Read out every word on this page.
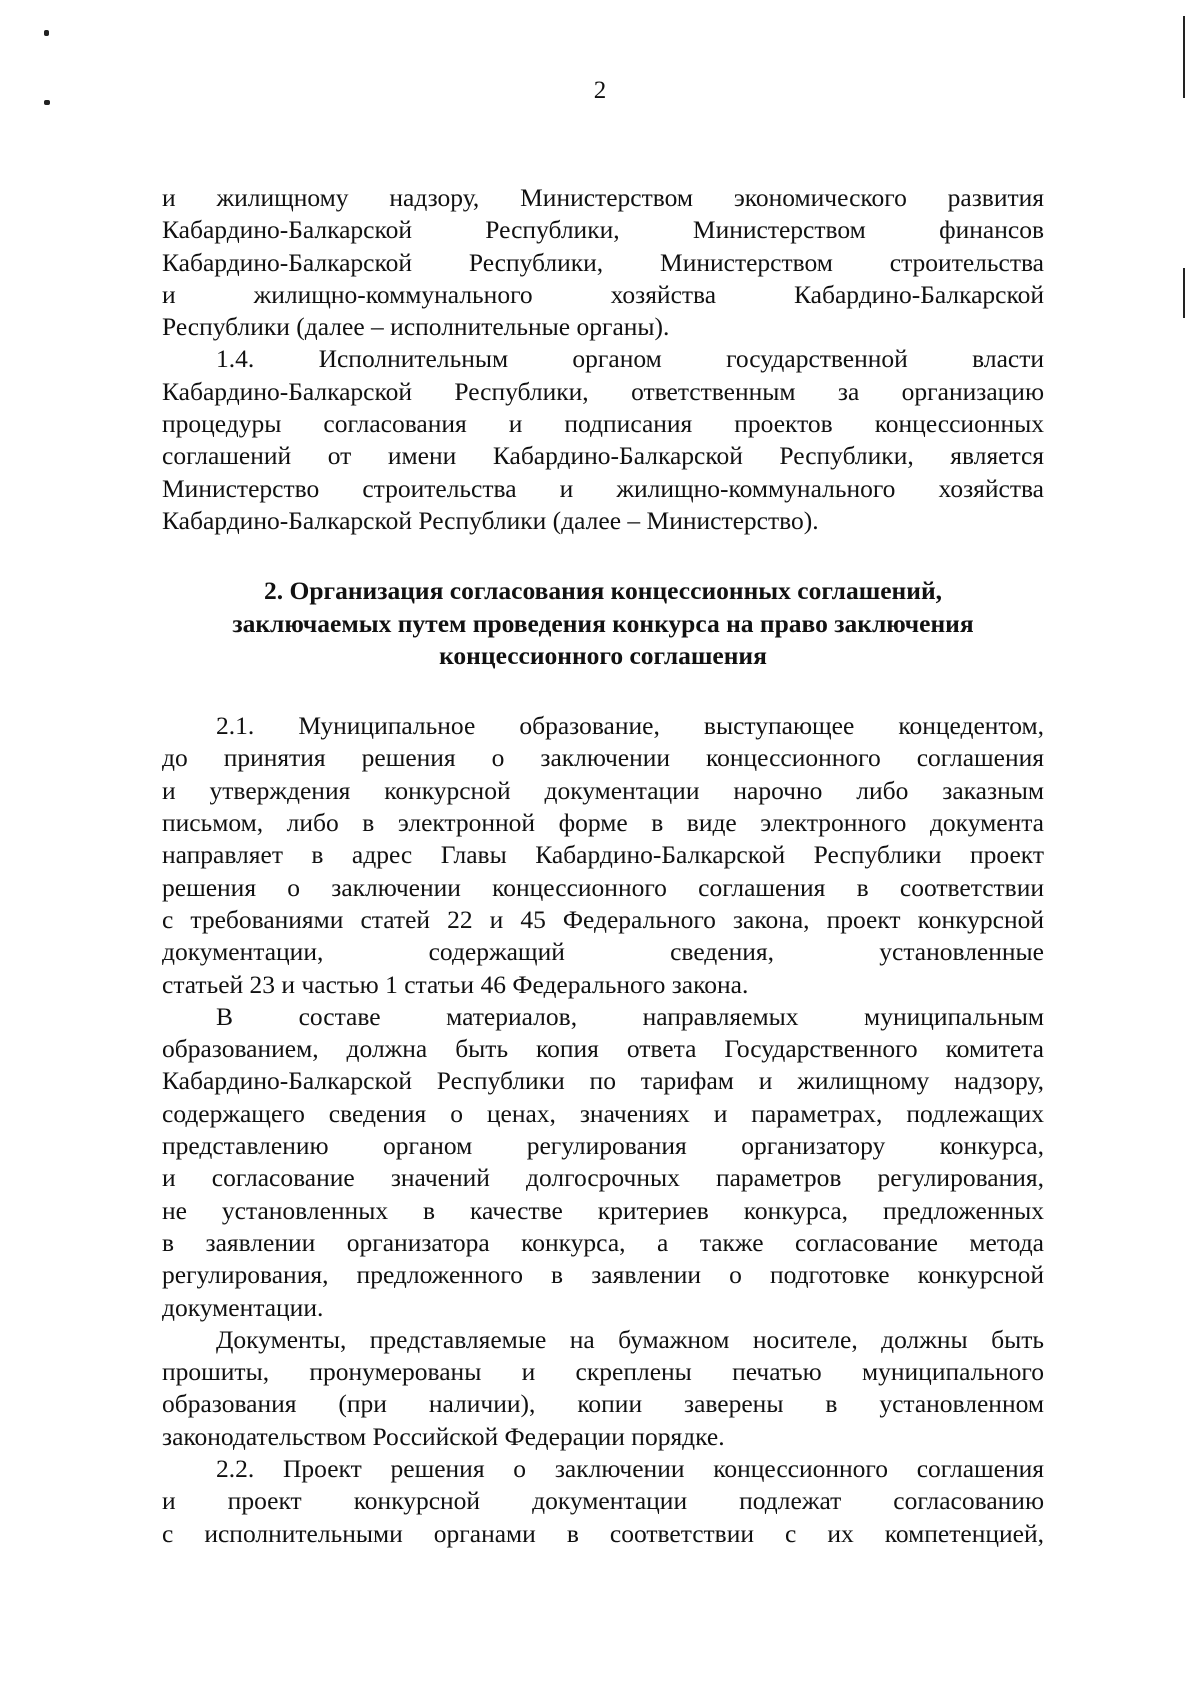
2

и жилищному надзору, Министерством экономического развития
Кабардино-Балкарской Республики, Министерством финансов
Кабардино-Балкарской Республики, Министерством строительства
и жилищно-коммунального хозяйства Кабардино-Балкарской
Республики (далее – исполнительные органы).

1.4. Исполнительным органом государственной власти
Кабардино-Балкарской Республики, ответственным за организацию
процедуры согласования и подписания проектов концессионных
соглашений от имени Кабардино-Балкарской Республики, является
Министерство строительства и жилищно-коммунального хозяйства
Кабардино-Балкарской Республики (далее – Министерство).

2. Организация согласования концессионных соглашений,
заключаемых путем проведения конкурса на право заключения
концессионного соглашения

2.1. Муниципальное образование, выступающее концедентом,
до принятия решения о заключении концессионного соглашения
и утверждения конкурсной документации нарочно либо заказным
письмом, либо в электронной форме в виде электронного документа
направляет в адрес Главы Кабардино-Балкарской Республики проект
решения о заключении концессионного соглашения в соответствии
с требованиями статей 22 и 45 Федерального закона, проект конкурсной
документации, содержащий сведения, установленные
статьей 23 и частью 1 статьи 46 Федерального закона.

В составе материалов, направляемых муниципальным
образованием, должна быть копия ответа Государственного комитета
Кабардино-Балкарской Республики по тарифам и жилищному надзору,
содержащего сведения о ценах, значениях и параметрах, подлежащих
представлению органом регулирования организатору конкурса,
и согласование значений долгосрочных параметров регулирования,
не установленных в качестве критериев конкурса, предложенных
в заявлении организатора конкурса, а также согласование метода
регулирования, предложенного в заявлении о подготовке конкурсной
документации.

Документы, представляемые на бумажном носителе, должны быть
прошиты, пронумерованы и скреплены печатью муниципального
образования (при наличии), копии заверены в установленном
законодательством Российской Федерации порядке.

2.2. Проект решения о заключении концессионного соглашения
и проект конкурсной документации подлежат согласованию
с исполнительными органами в соответствии с их компетенцией,
